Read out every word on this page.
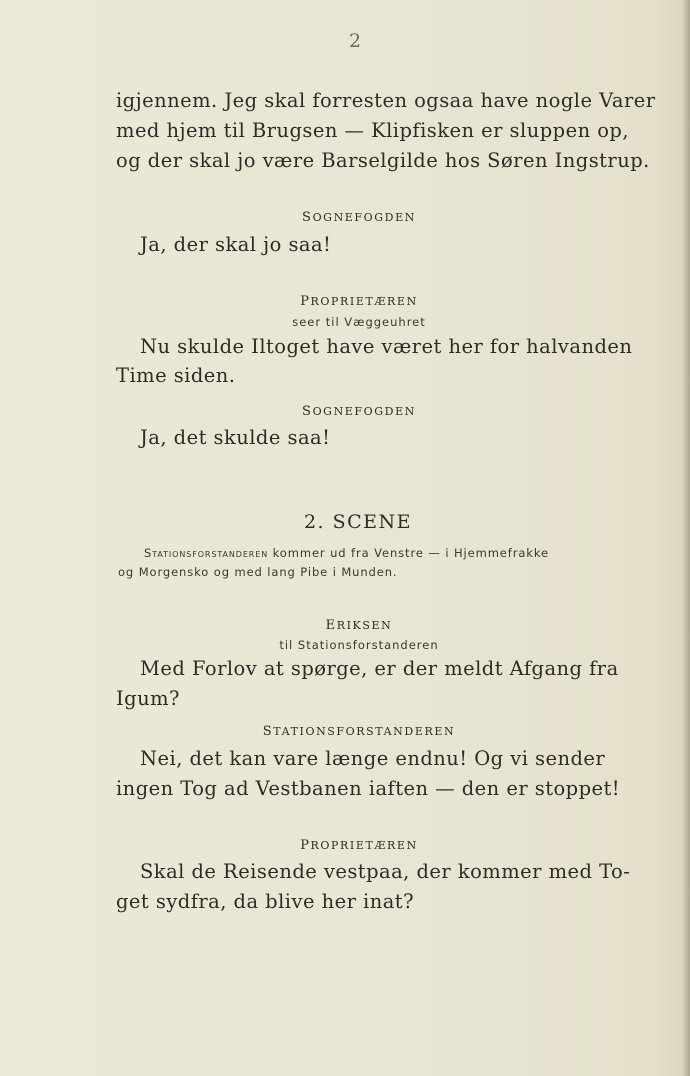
2
igjennem. Jeg skal forresten ogsaa have nogle Varer
med hjem til Brugsen — Klipfisken er sluppen op,
og der skal jo være Barselgilde hos Søren Ingstrup.
sognefogden
Ja, der skal jo saa!
proprietæren
seer til Væggeuhret
Nu skulde Iltoget have været her for halvanden
Time siden.
sognefogden
Ja, det skulde saa!
2. SCENE
Stationsforstanderen kommer ud fra Venstre — i Hjemmefrakke
og Morgensko og med lang Pibe i Munden.
eriksen
til Stationsforstanderen
Med Forlov at spørge, er der meldt Afgang fra
Igum?
stationsforstanderen
Nei, det kan vare længe endnu! Og vi sender
ingen Tog ad Vestbanen iaften — den er stoppet!
proprietæren
Skal de Reisende vestpaa, der kommer med To-
get sydfra, da blive her inat?
